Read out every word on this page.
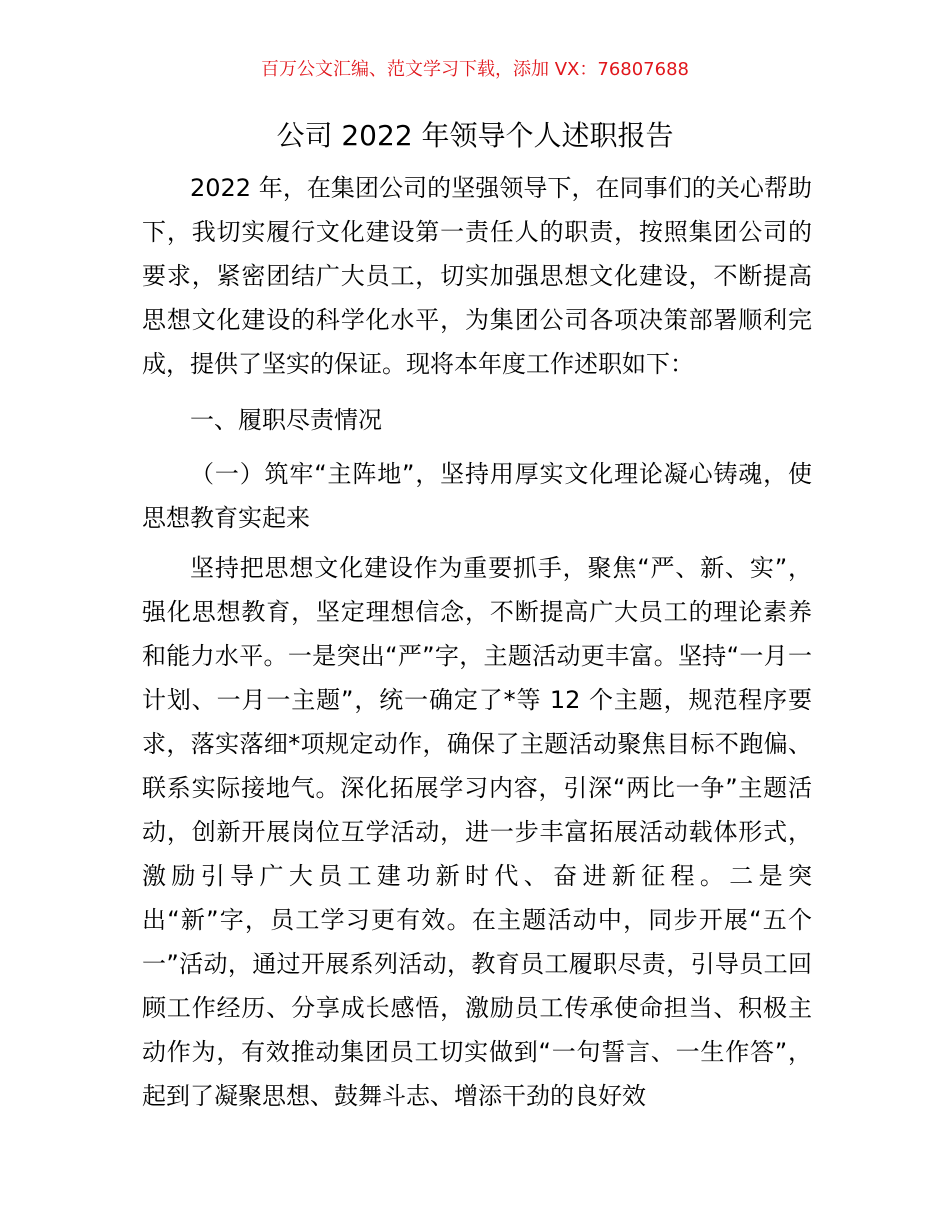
百万公文汇编、范文学习下载，添加 VX：76807688
公司 2022 年领导个人述职报告

2022 年，在集团公司的坚强领导下，在同事们的关心帮助下，我切实履行文化建设第一责任人的职责，按照集团公司的要求，紧密团结广大员工，切实加强思想文化建设，不断提高思想文化建设的科学化水平，为集团公司各项决策部署顺利完成，提供了坚实的保证。现将本年度工作述职如下：

一、履职尽责情况

（一）筑牢“主阵地”，坚持用厚实文化理论凝心铸魂，使思想教育实起来

坚持把思想文化建设作为重要抓手，聚焦“严、新、实”，强化思想教育，坚定理想信念，不断提高广大员工的理论素养和能力水平。一是突出“严”字，主题活动更丰富。坚持“一月一计划、一月一主题”，统一确定了*等 12 个主题，规范程序要求，落实落细*项规定动作，确保了主题活动聚焦目标不跑偏、联系实际接地气。深化拓展学习内容，引深“两比一争”主题活动，创新开展岗位互学活动，进一步丰富拓展活动载体形式，激励引导广大员工建功新时代、奋进新征程。二是突出“新”字，员工学习更有效。在主题活动中，同步开展“五个一”活动，通过开展系列活动，教育员工履职尽责，引导员工回顾工作经历、分享成长感悟，激励员工传承使命担当、积极主动作为，有效推动集团员工切实做到“一句誓言、一生作答”，起到了凝聚思想、鼓舞斗志、增添干劲的良好效
